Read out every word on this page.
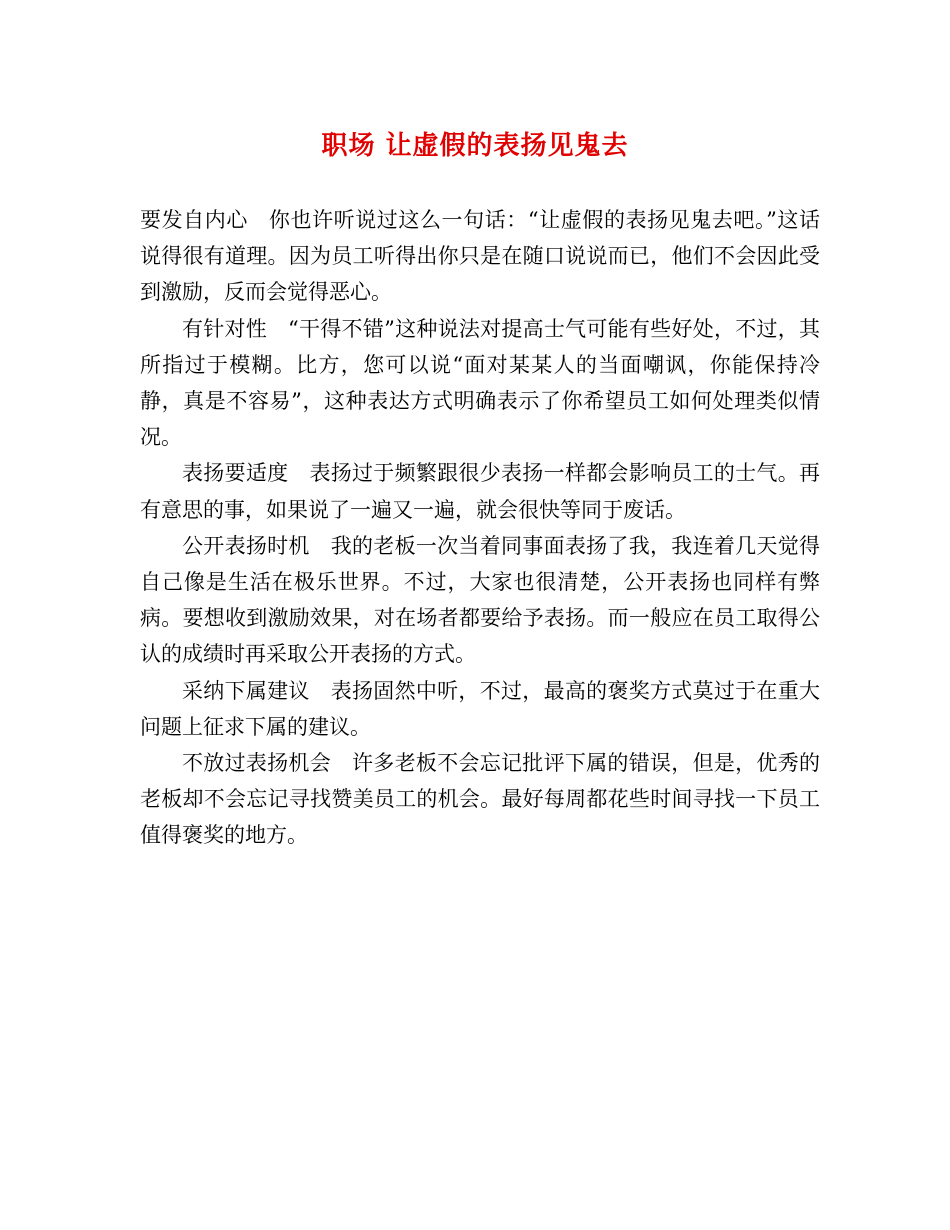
职场 让虚假的表扬见鬼去

要发自内心 你也许听说过这么一句话：“让虚假的表扬见鬼去吧。”这话说得很有道理。因为员工听得出你只是在随口说说而已，他们不会因此受到激励，反而会觉得恶心。

有针对性 “干得不错”这种说法对提高士气可能有些好处，不过，其所指过于模糊。比方，您可以说“面对某某人的当面嘲讽，你能保持冷静，真是不容易”，这种表达方式明确表示了你希望员工如何处理类似情况。

表扬要适度 表扬过于频繁跟很少表扬一样都会影响员工的士气。再有意思的事，如果说了一遍又一遍，就会很快等同于废话。

公开表扬时机 我的老板一次当着同事面表扬了我，我连着几天觉得自己像是生活在极乐世界。不过，大家也很清楚，公开表扬也同样有弊病。要想收到激励效果，对在场者都要给予表扬。而一般应在员工取得公认的成绩时再采取公开表扬的方式。

采纳下属建议 表扬固然中听，不过，最高的褒奖方式莫过于在重大问题上征求下属的建议。

不放过表扬机会 许多老板不会忘记批评下属的错误，但是，优秀的老板却不会忘记寻找赞美员工的机会。最好每周都花些时间寻找一下员工值得褒奖的地方。
